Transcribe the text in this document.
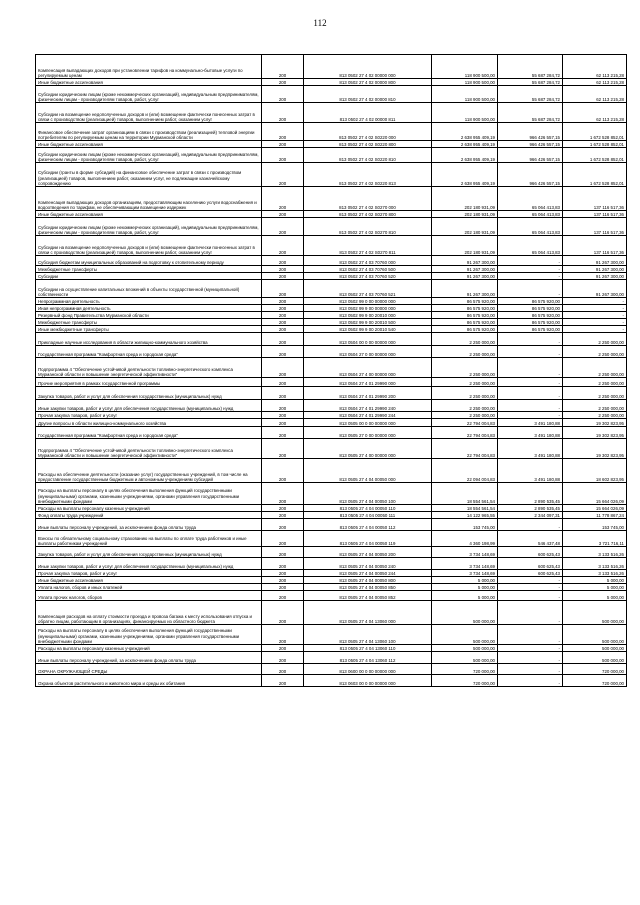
112
Компенсация выпадающих доходов при установлении тарифов на коммунально-бытовые услуги по регулируемым ценам	200	813 0502 27 4 02 00000 000	118 900 500,00	55 687 284,72	62 113 215,28
Иные бюджетные ассигнования	200	813 0502 27 4 02 00000 800	118 900 500,00	55 687 284,72	62 113 215,28
Субсидии юридическим лицам (кроме некоммерческих организаций), индивидуальным предпринимателям, физическим лицам - производителям товаров, работ, услуг	200	813 0502 27 4 02 00000 810	118 900 500,00	55 687 284,72	62 113 215,28
Субсидии на возмещение недополученных доходов и (или) возмещение фактически понесенных затрат в связи с производством (реализацией) товаров, выполнением работ, оказанием услуг	200	813 0502 27 4 02 00000 811	118 900 500,00	55 687 284,72	62 113 215,28
Финансовое обеспечение затрат организациям в связи с производством (реализацией) тепловой энергии потребителям по регулируемым ценам на территории Мурманской области	200	813 0502 27 4 02 S0220 000	2 638 955 409,19	966 426 557,15	1 672 528 852,01
Иные бюджетные ассигнования	200	813 0502 27 4 02 S0220 800	2 638 955 409,19	966 426 557,15	1 672 528 852,01
Субсидии юридическим лицам (кроме некоммерческих организаций), индивидуальным предпринимателям, физическим лицам - производителям товаров, работ, услуг	200	813 0502 27 4 02 S0220 810	2 638 955 409,19	966 426 557,15	1 672 528 852,01
Субсидии (гранты в форме субсидий) на финансовое обеспечение затрат в связи с производством (реализацией) товаров, выполнением работ, оказанием услуг, не подлежащие казначейскому сопровождению	200	813 0502 27 4 02 S0220 813	2 638 955 409,19	966 426 557,15	1 672 528 852,01
Компенсация выпадающих доходов организациям, предоставляющим населению услуги водоснабжения и водоотведения по тарифам, не обеспечивающим возмещение издержек	200	813 0502 27 4 02 S0270 000	202 180 931,09	65 064 413,83	137 116 517,36
Иные бюджетные ассигнования	200	813 0502 27 4 02 S0270 800	202 180 931,09	65 064 413,83	137 116 517,36
Субсидии юридическим лицам (кроме некоммерческих организаций), индивидуальным предпринимателям, физическим лицам - производителям товаров, работ, услуг	200	813 0502 27 4 02 S0270 810	202 180 931,09	65 064 413,83	137 116 517,36
Субсидии на возмещение недополученных доходов и (или) возмещение фактически понесенных затрат в связи с производством (реализацией) товаров, выполнением работ, оказанием услуг	200	813 0502 27 4 02 S0270 811	202 180 931,09	65 064 413,83	137 116 517,36
Субсидия бюджетам муниципальных образований на подготовку к отопительному периоду	200	813 0502 27 4 03 70760 000	91 267 300,00	-	91 267 300,00
Межбюджетные трансферты	200	813 0502 27 4 03 70760 500	91 267 300,00	-	91 267 300,00
Субсидии	200	813 0502 27 4 03 70760 520	91 267 300,00	-	91 267 300,00
Субсидии на осуществление капитальных вложений в объекты государственной (муниципальной) собственности	200	813 0502 27 4 03 70760 521	91 267 300,00	-	91 267 300,00
Непрограммная деятельность	200	813 0502 99 0 00 00000 000	86 575 920,00	86 575 920,00	-
Иная непрограммная деятельность	200	813 0502 99 9 00 00000 000	86 575 920,00	86 575 920,00	-
Резервный фонд Правительства Мурманской области	200	813 0502 99 9 00 20010 000	86 575 920,00	86 575 920,00	-
Межбюджетные трансферты	200	813 0502 99 9 00 20010 500	86 575 920,00	86 575 920,00	-
Иные межбюджетные трансферты	200	813 0502 99 9 00 20010 540	86 575 920,00	86 575 920,00	-
Прикладные научные исследования в области жилищно-коммунального хозяйства	200	813 0504 00 0 00 00000 000	2 250 000,00	-	2 250 000,00
Государственная программа "Комфортная среда и городская среда"	200	813 0504 27 0 00 00000 000	2 250 000,00	-	2 250 000,00
Подпрограмма 4 "Обеспечение устойчивой деятельности топливно-энергетического комплекса Мурманской области и повышение энергетической эффективности"	200	813 0504 27 4 00 00000 000	2 250 000,00	-	2 250 000,00
Прочие мероприятия в рамках государственной программы	200	813 0504 27 4 01 29990 000	2 250 000,00	-	2 250 000,00
Закупка товаров, работ и услуг для обеспечения государственных (муниципальных) нужд	200	813 0504 27 4 01 29990 200	2 250 000,00	-	2 250 000,00
Иные закупки товаров, работ и услуг для обеспечения государственных (муниципальных) нужд	200	813 0504 27 4 01 29990 240	2 250 000,00	-	2 250 000,00
Прочая закупка товаров, работ и услуг	200	813 0504 27 4 01 29990 244	2 250 000,00	-	2 250 000,00
Другие вопросы в области жилищно-коммунального хозяйства	200	813 0505 00 0 00 00000 000	22 794 004,83	3 491 180,88	19 302 823,95
Государственная программа "Комфортная среда и городская среда"	200	813 0505 27 0 00 00000 000	22 794 004,83	3 491 180,88	19 302 823,95
Подпрограмма 4 "Обеспечение устойчивой деятельности топливно-энергетического комплекса Мурманской области и повышение энергетической эффективности"	200	813 0505 27 4 00 00000 000	22 794 004,83	3 491 180,88	19 302 823,95
Расходы на обеспечение деятельности (оказание услуг) государственных учреждений, в том числе на предоставление государственным бюджетным и автономным учреждениям субсидий	200	813 0505 27 4 04 00050 000	22 094 004,83	3 491 180,88	18 602 823,95
Расходы на выплаты персоналу в целях обеспечения выполнения функций государственными (муниципальными) органами, казенными учреждениями, органами управления государственными внебюджетными фондами	200	813 0505 27 4 04 00050 100	18 554 561,54	2 890 535,45	15 664 026,09
Расходы на выплаты персоналу казенных учреждений	200	813 0505 27 4 04 00050 110	18 554 561,54	2 890 535,45	15 664 026,09
Фонд оплаты труда учреждений	200	813 0505 27 4 04 00050 111	14 122 965,55	2 344 097,31	11 778 867,24
Иные выплаты персоналу учреждений, за исключением фонда оплаты труда	200	813 0505 27 4 04 00050 112	153 745,00	-	153 745,00
Взносы по обязательному социальному страхованию на выплаты по оплате труда работников и иные выплаты работникам учреждений	200	813 0505 27 4 04 00050 119	4 360 198,99	546 437,48	3 721 716,11
Закупка товаров, работ и услуг для обеспечения государственных (муниципальных) нужд	200	813 0505 27 4 04 00050 200	3 734 148,69	600 625,43	3 133 516,26
Иные закупки товаров, работ и услуг для обеспечения государственных (муниципальных) нужд	200	813 0505 27 4 04 00050 240	3 734 148,69	600 625,43	3 133 516,26
Прочая закупка товаров, работ и услуг	200	813 0505 27 4 04 00050 244	3 734 148,69	600 625,43	3 133 516,26
Иные бюджетные ассигнования	200	813 0505 27 4 04 00050 800	5 000,00	-	5 000,00
Уплата налогов, сборов и иных платежей	200	813 0505 27 4 04 00050 850	5 000,00	-	5 000,00
Уплата прочих налогов, сборов	200	813 0505 27 4 04 00050 852	5 000,00	-	5 000,00
Компенсация расходов на оплату стоимости проезда и провоза багажа к месту использования отпуска и обратно лицам, работающим в организациях, финансируемых из областного бюджета	200	813 0505 27 4 04 13060 000	500 000,00	-	500 000,00
Расходы на выплаты персоналу в целях обеспечения выполнения функций государственными (муниципальными) органами, казенными учреждениями, органами управления государственными внебюджетными фондами	200	813 0505 27 4 04 13060 100	500 000,00	-	500 000,00
Расходы на выплаты персоналу казенных учреждений	200	813 0505 27 4 04 13060 110	500 000,00	-	500 000,00
Иные выплаты персоналу учреждений, за исключением фонда оплаты труда	200	813 0505 27 4 04 13060 112	500 000,00	-	500 000,00
ОХРАНА ОКРУЖАЮЩЕЙ СРЕДЫ	200	813 0600 00 0 00 00000 000	720 000,00	-	720 000,00
Охрана объектов растительного и животного мира и среды их обитания	200	813 0603 00 0 00 00000 000	720 000,00	-	720 000,00
